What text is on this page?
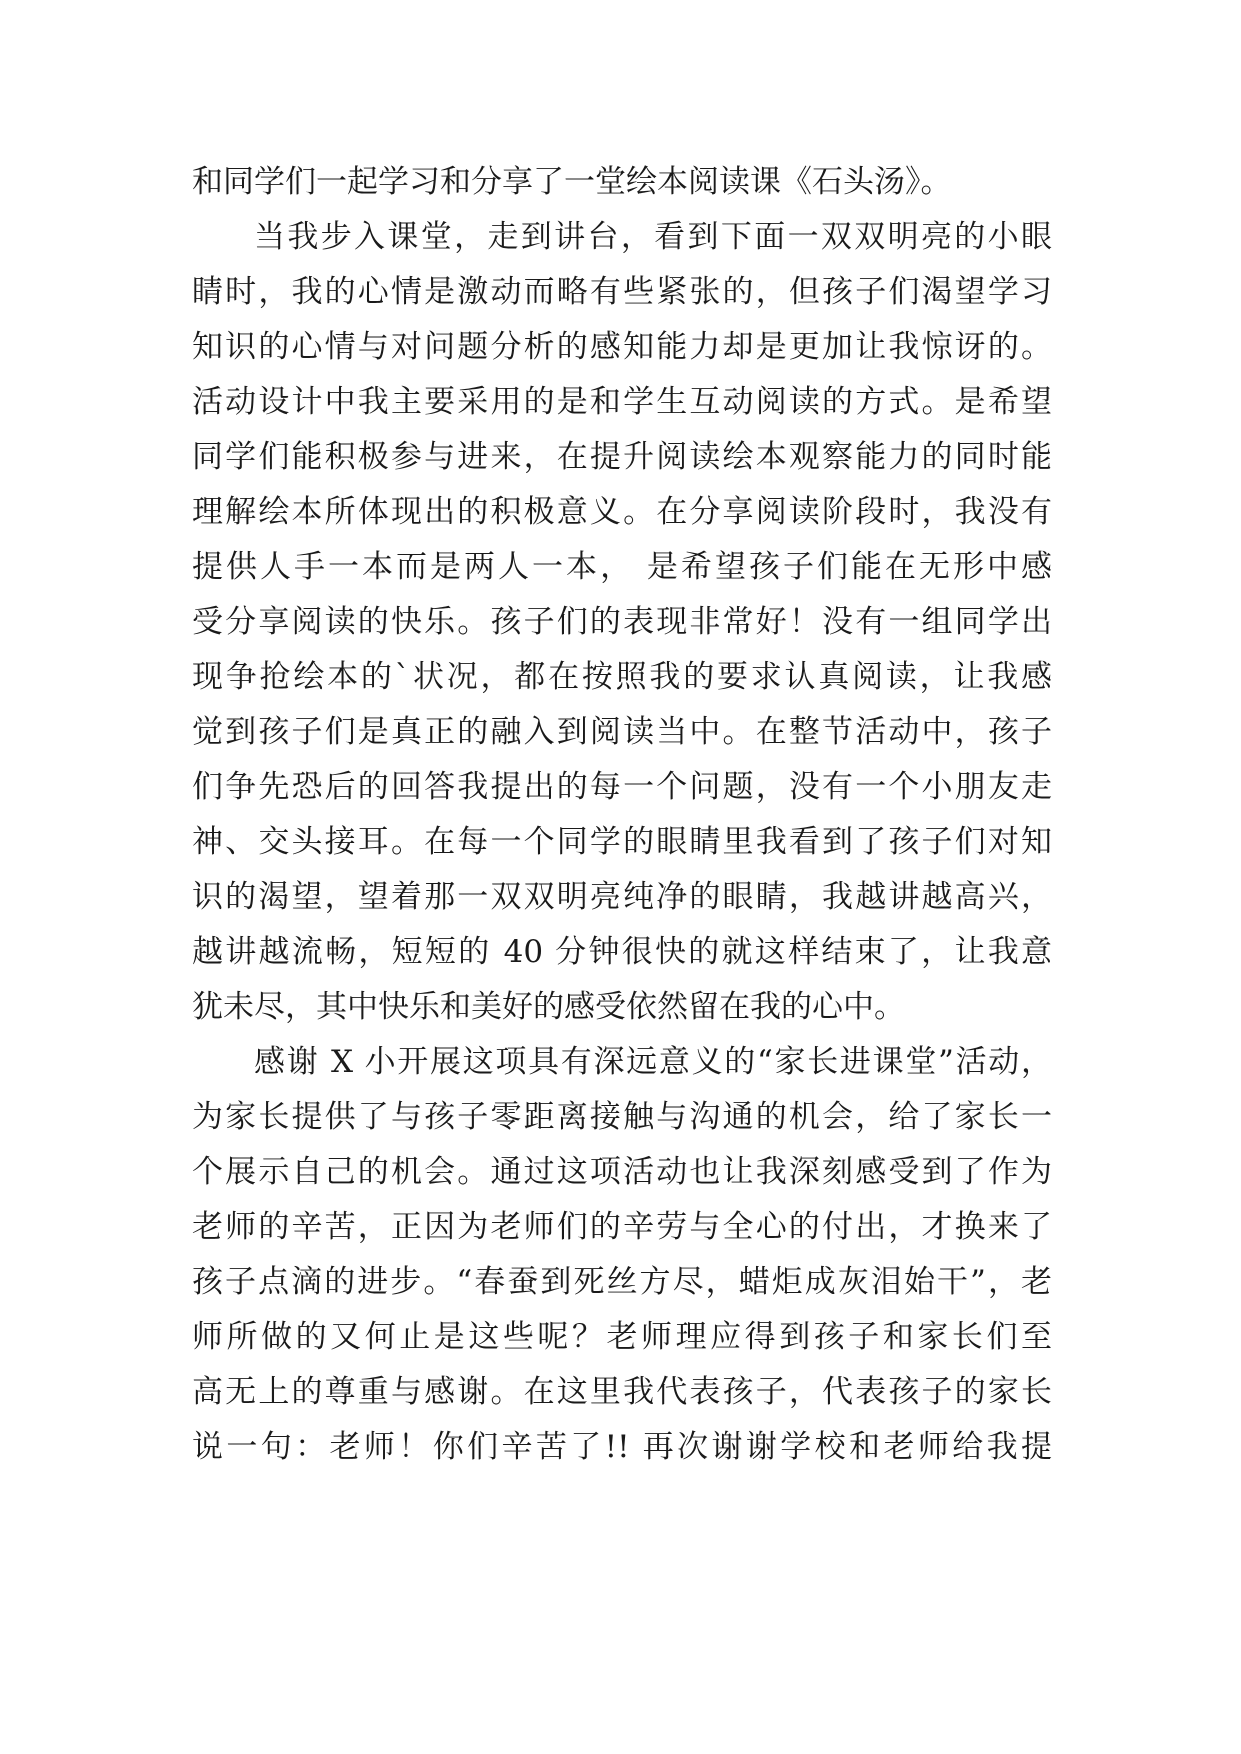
和同学们一起学习和分享了一堂绘本阅读课《石头汤》。
当我步入课堂，走到讲台，看到下面一双双明亮的小眼
睛时，我的心情是激动而略有些紧张的，但孩子们渴望学习
知识的心情与对问题分析的感知能力却是更加让我惊讶的。
活动设计中我主要采用的是和学生互动阅读的方式。是希望
同学们能积极参与进来，在提升阅读绘本观察能力的同时能
理解绘本所体现出的积极意义。在分享阅读阶段时，我没有
提供人手一本而是两人一本， 是希望孩子们能在无形中感
受分享阅读的快乐。孩子们的表现非常好！没有一组同学出
现争抢绘本的`状况，都在按照我的要求认真阅读，让我感
觉到孩子们是真正的融入到阅读当中。在整节活动中，孩子
们争先恐后的回答我提出的每一个问题，没有一个小朋友走
神、交头接耳。在每一个同学的眼睛里我看到了孩子们对知
识的渴望，望着那一双双明亮纯净的眼睛，我越讲越高兴，
越讲越流畅，短短的 40 分钟很快的就这样结束了，让我意
犹未尽，其中快乐和美好的感受依然留在我的心中。
感谢 X 小开展这项具有深远意义的“家长进课堂”活动，
为家长提供了与孩子零距离接触与沟通的机会，给了家长一
个展示自己的机会。通过这项活动也让我深刻感受到了作为
老师的辛苦，正因为老师们的辛劳与全心的付出，才换来了
孩子点滴的进步。“春蚕到死丝方尽，蜡炬成灰泪始干”，老
师所做的又何止是这些呢？老师理应得到孩子和家长们至
高无上的尊重与感谢。在这里我代表孩子，代表孩子的家长
说一句：老师！你们辛苦了!! 再次谢谢学校和老师给我提
